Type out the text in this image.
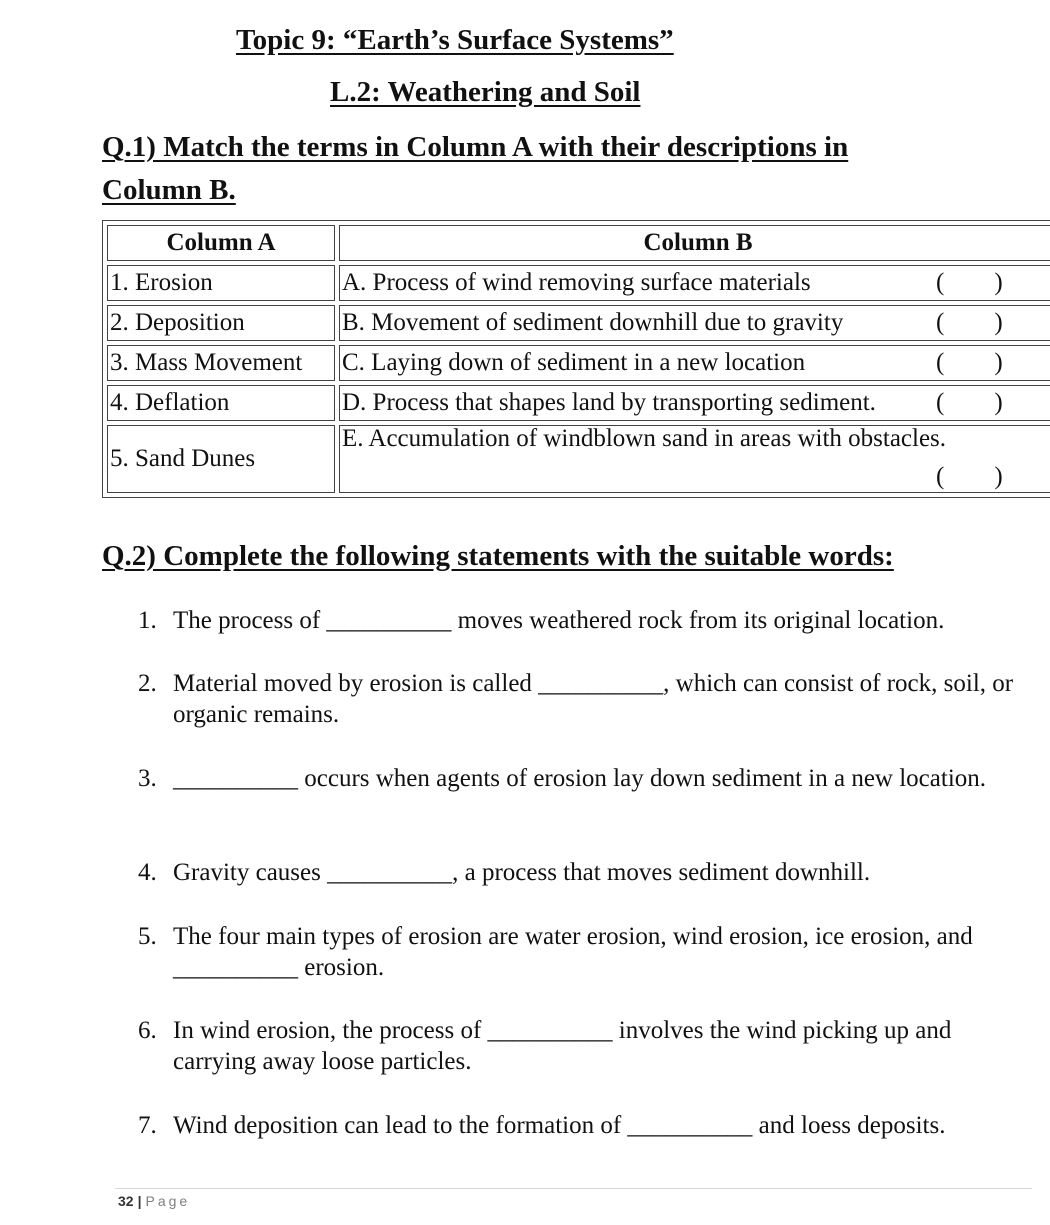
Topic 9: “Earth’s Surface Systems”
L.2: Weathering and Soil
Q.1) Match the terms in Column A with their descriptions in Column B.
Column A	Column B
1. Erosion	A. Process of wind removing surface materials (        )

2. Deposition	B. Movement of sediment downhill due to gravity (        )

3. Mass Movement	C. Laying down of sediment in a new location (        )

4. Deflation	D. Process that shapes land by transporting sediment. (        )

5. Sand Dunes	E. Accumulation of windblown sand in areas with obstacles.
(        )
Q.2) Complete the following statements with the suitable words:
1. The process of __________ moves weathered rock from its original location.
2. Material moved by erosion is called __________, which can consist of rock, soil, or organic remains.
3. __________ occurs when agents of erosion lay down sediment in a new location.
4. Gravity causes __________, a process that moves sediment downhill.
5. The four main types of erosion are water erosion, wind erosion, ice erosion, and __________ erosion.
6. In wind erosion, the process of __________ involves the wind picking up and carrying away loose particles.
7. Wind deposition can lead to the formation of __________ and loess deposits.
32 | Page
